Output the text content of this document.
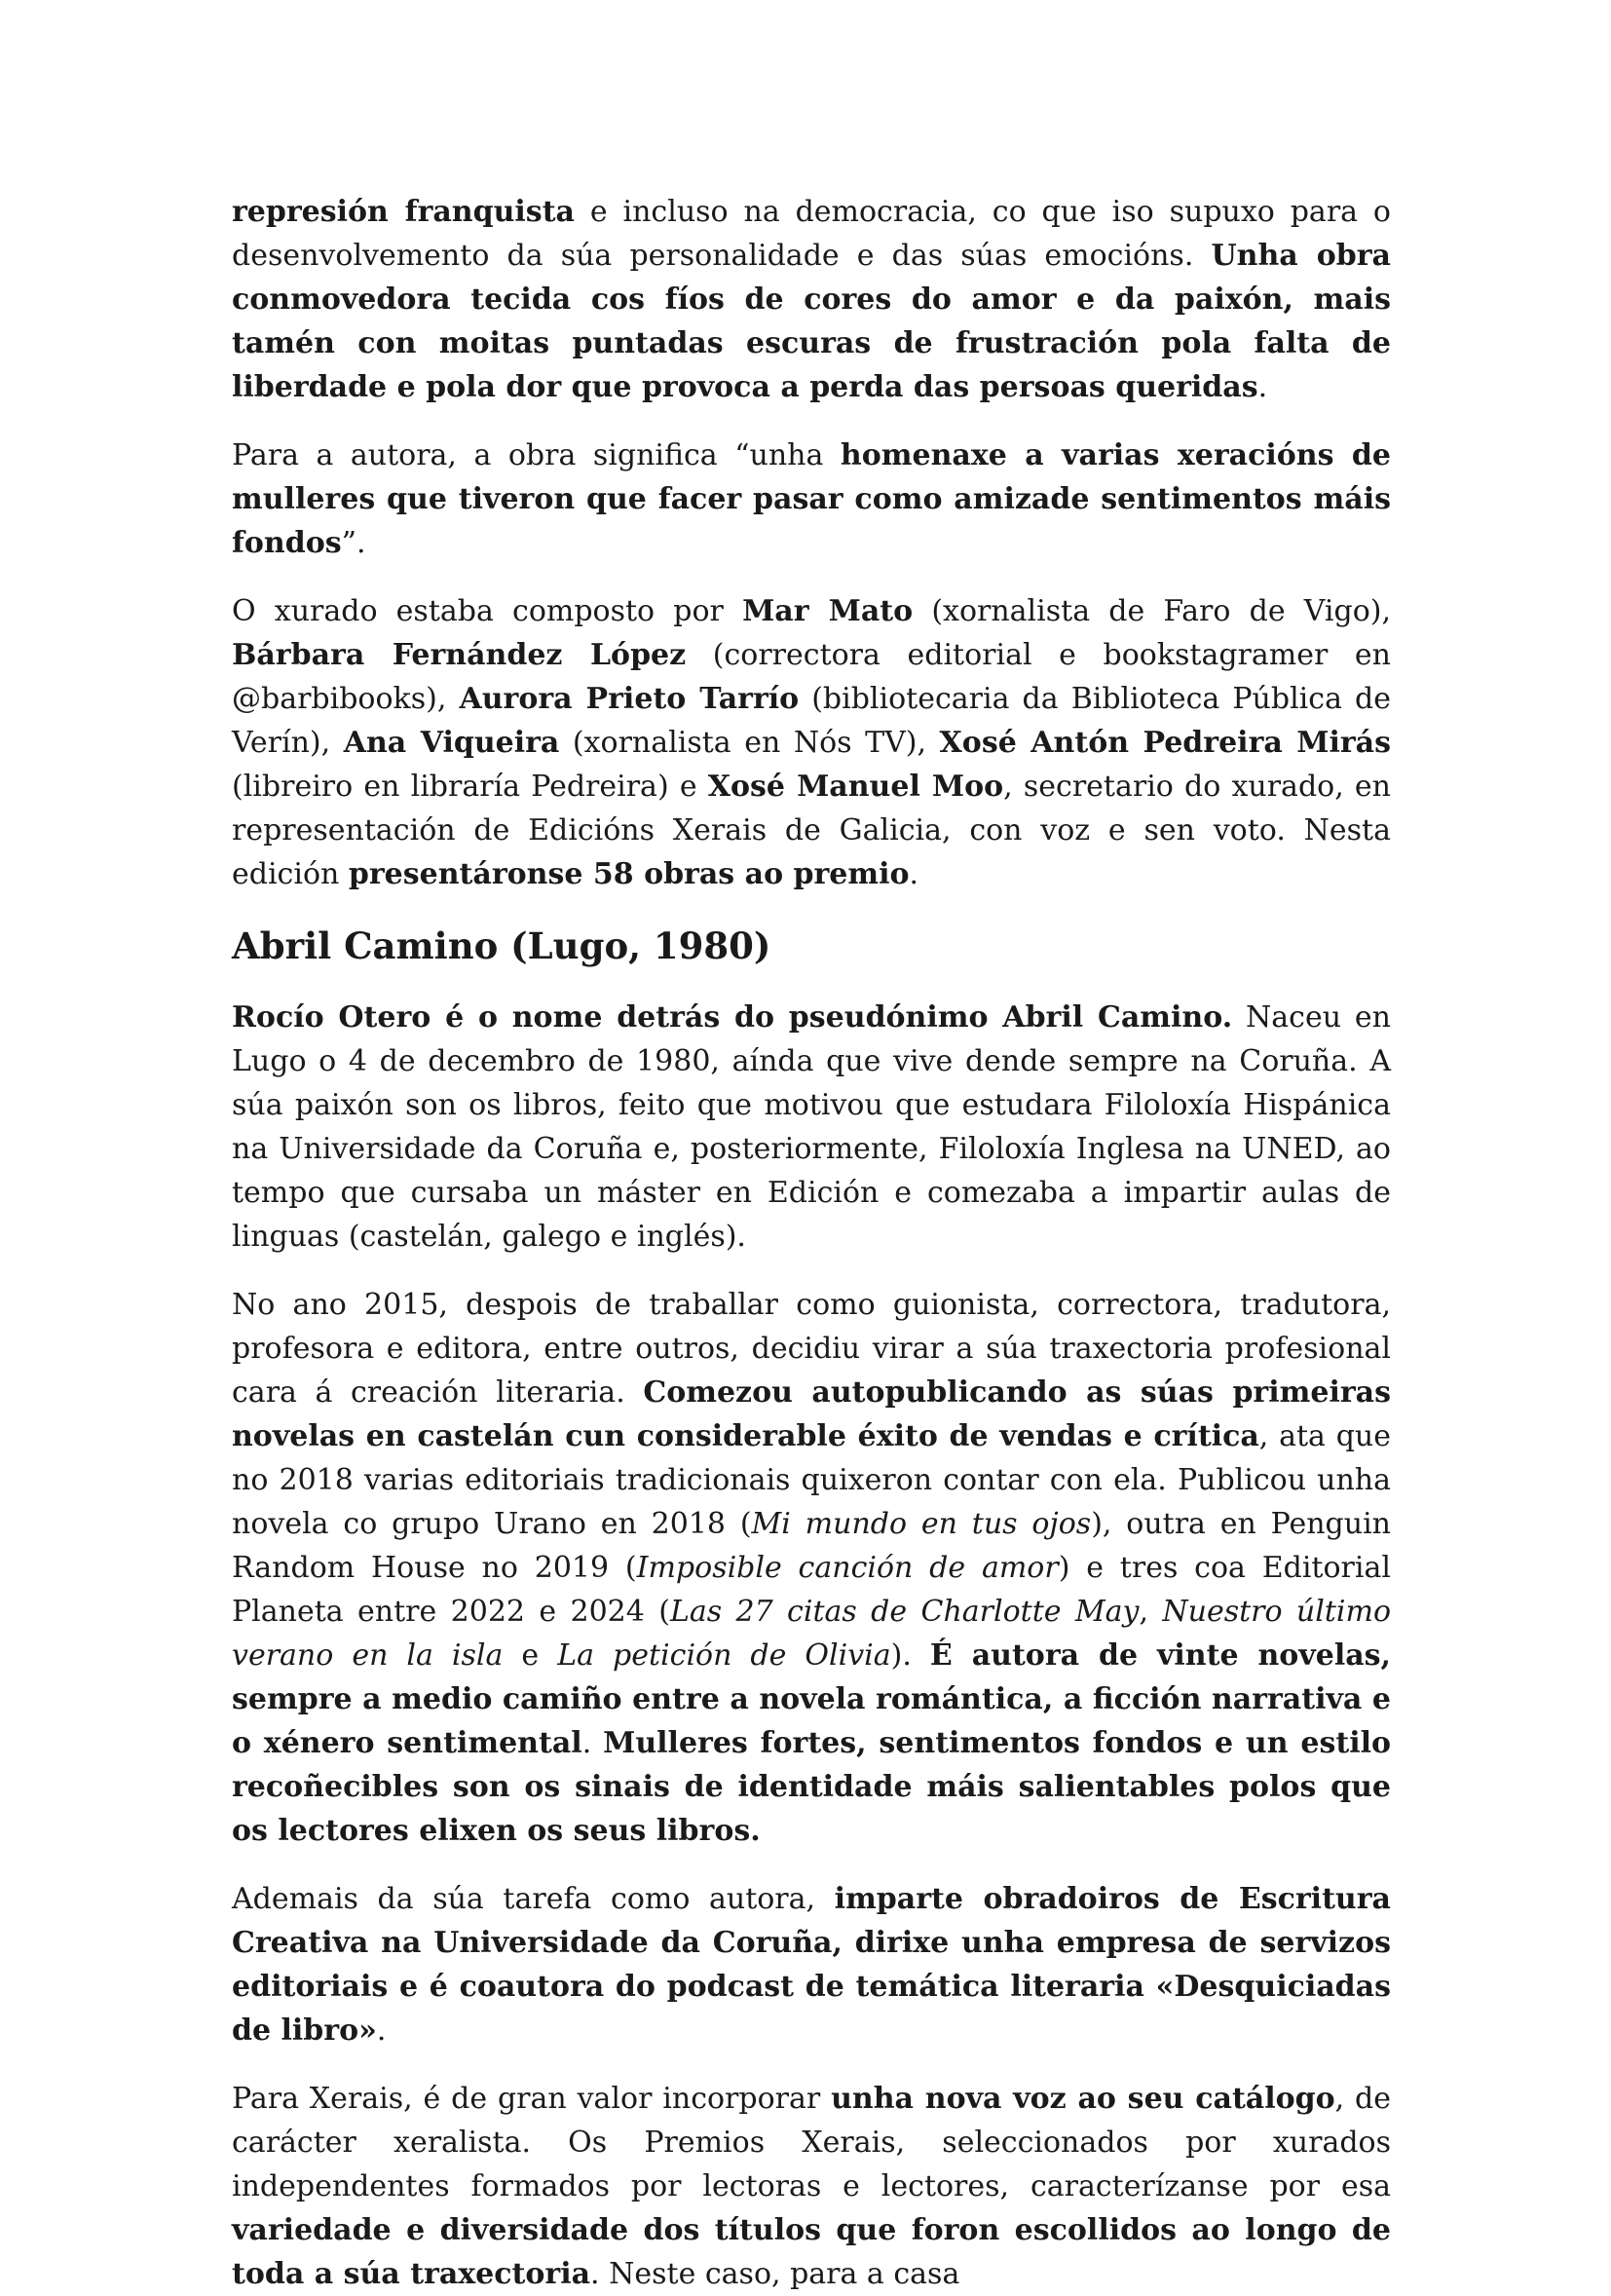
represión franquista e incluso na democracia, co que iso supuxo para o desenvolvemento da súa personalidade e das súas emocións. Unha obra conmovedora tecida cos fíos de cores do amor e da paixón, mais tamén con moitas puntadas escuras de frustración pola falta de liberdade e pola dor que provoca a perda das persoas queridas.

Para a autora, a obra significa “unha homenaxe a varias xeracións de mulleres que tiveron que facer pasar como amizade sentimentos máis fondos”.

O xurado estaba composto por Mar Mato (xornalista de Faro de Vigo), Bárbara Fernández López (correctora editorial e bookstagramer en @barbibooks), Aurora Prieto Tarrío (bibliotecaria da Biblioteca Pública de Verín), Ana Viqueira (xornalista en Nós TV), Xosé Antón Pedreira Mirás (libreiro en libraría Pedreira) e Xosé Manuel Moo, secretario do xurado, en representación de Edicións Xerais de Galicia, con voz e sen voto. Nesta edición presentáronse 58 obras ao premio.

Abril Camino (Lugo, 1980)

Rocío Otero é o nome detrás do pseudónimo Abril Camino. Naceu en Lugo o 4 de decembro de 1980, aínda que vive dende sempre na Coruña. A súa paixón son os libros, feito que motivou que estudara Filoloxía Hispánica na Universidade da Coruña e, posteriormente, Filoloxía Inglesa na UNED, ao tempo que cursaba un máster en Edición e comezaba a impartir aulas de linguas (castelán, galego e inglés).

No ano 2015, despois de traballar como guionista, correctora, tradutora, profesora e editora, entre outros, decidiu virar a súa traxectoria profesional cara á creación literaria. Comezou autopublicando as súas primeiras novelas en castelán cun considerable éxito de vendas e crítica, ata que no 2018 varias editoriais tradicionais quixeron contar con ela. Publicou unha novela co grupo Urano en 2018 (Mi mundo en tus ojos), outra en Penguin Random House no 2019 (Imposible canción de amor) e tres coa Editorial Planeta entre 2022 e 2024 (Las 27 citas de Charlotte May, Nuestro último verano en la isla e La petición de Olivia). É autora de vinte novelas, sempre a medio camiño entre a novela romántica, a ficción narrativa e o xénero sentimental. Mulleres fortes, sentimentos fondos e un estilo recoñecibles son os sinais de identidade máis salientables polos que os lectores elixen os seus libros.

Ademais da súa tarefa como autora, imparte obradoiros de Escritura Creativa na Universidade da Coruña, dirixe unha empresa de servizos editoriais e é coautora do podcast de temática literaria «Desquiciadas de libro».

Para Xerais, é de gran valor incorporar unha nova voz ao seu catálogo, de carácter xeralista. Os Premios Xerais, seleccionados por xurados independentes formados por lectoras e lectores, caracterízanse por esa variedade e diversidade dos títulos que foron escollidos ao longo de toda a súa traxectoria. Neste caso, para a casa
